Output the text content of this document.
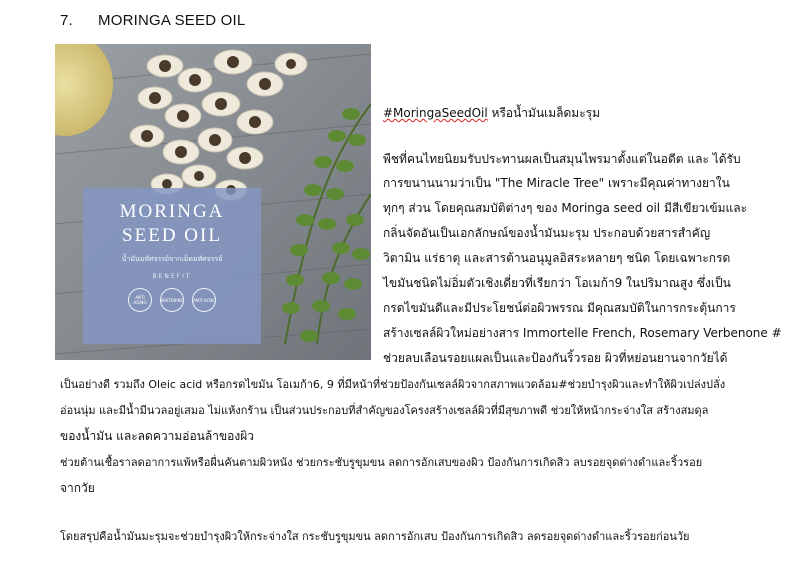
7. MORINGA SEED OIL
MORINGA
SEED OIL
น้ำมันมหัศจรรย์จากเม็ดมหัศจรรย์
BENEFIT
ANTI AGING	WHITENING ANTI ACNE
#MoringaSeedOil หรือน้ำมันเมล็ดมะรุม
พืชที่คนไทยนิยมรับประทานผลเป็นสมุนไพรมาตั้งแต่ในอดีต และ ได้รับ
การขนานนามว่าเป็น "The Miracle Tree" เพราะมีคุณค่าทางยาใน
ทุกๆ ส่วน โดยคุณสมบัติต่างๆ ของ Moringa seed oil มีสีเขียวเข้มและ
กลิ่นจัดอันเป็นเอกลักษณ์ของน้ำมันมะรุม ประกอบด้วยสารสำคัญ
วิตามิน แร่ธาตุ และสารต้านอนุมูลอิสระหลายๆ ชนิด โดยเฉพาะกรด
ไขมันชนิดไม่อิ่มตัวเชิงเดี่ยวที่เรียกว่า โอเมก้า9 ในปริมาณสูง ซึ่งเป็น
กรดไขมันดีและมีประโยชน์ต่อผิวพรรณ มีคุณสมบัติในการกระตุ้นการ
สร้างเซลล์ผิวใหม่อย่างสาร Immortelle French, Rosemary Verbenone #
ช่วยลบเลือนรอยแผลเป็นและป้องกันริ้วรอย ผิวที่หย่อนยานจากวัยได้
เป็นอย่างดี รวมถึง Oleic acid หรือกรดไขมัน โอเมก้า6, 9 ที่มีหน้าที่ช่วยป้องกันเซลล์ผิวจากสภาพแวดล้อม#ช่วยบำรุงผิวและทำให้ผิวเปล่งปลั่ง
อ่อนนุ่ม และมีน้ำมีนวลอยู่เสมอ ไม่แห้งกร้าน เป็นส่วนประกอบที่สำคัญของโครงสร้างเซลล์ผิวที่มีสุขภาพดี ช่วยให้หน้ากระจ่างใส สร้างสมดุล
ของน้ำมัน และลดความอ่อนล้าของผิว
ช่วยต้านเชื้อราลดอาการแพ้หรือผื่นคันตามผิวหนัง ช่วยกระชับรูขุมขน ลดการอักเสบของผิว ป้องกันการเกิดสิว ลบรอยจุดด่างดำและริ้วรอย
จากวัย
โดยสรุปคือน้ำมันมะรุมจะช่วยบำรุงผิวให้กระจ่างใส กระชับรูขุมขน ลดการอักเสบ ป้องกันการเกิดสิว ลดรอยจุดด่างดำและริ้วรอยก่อนวัย
